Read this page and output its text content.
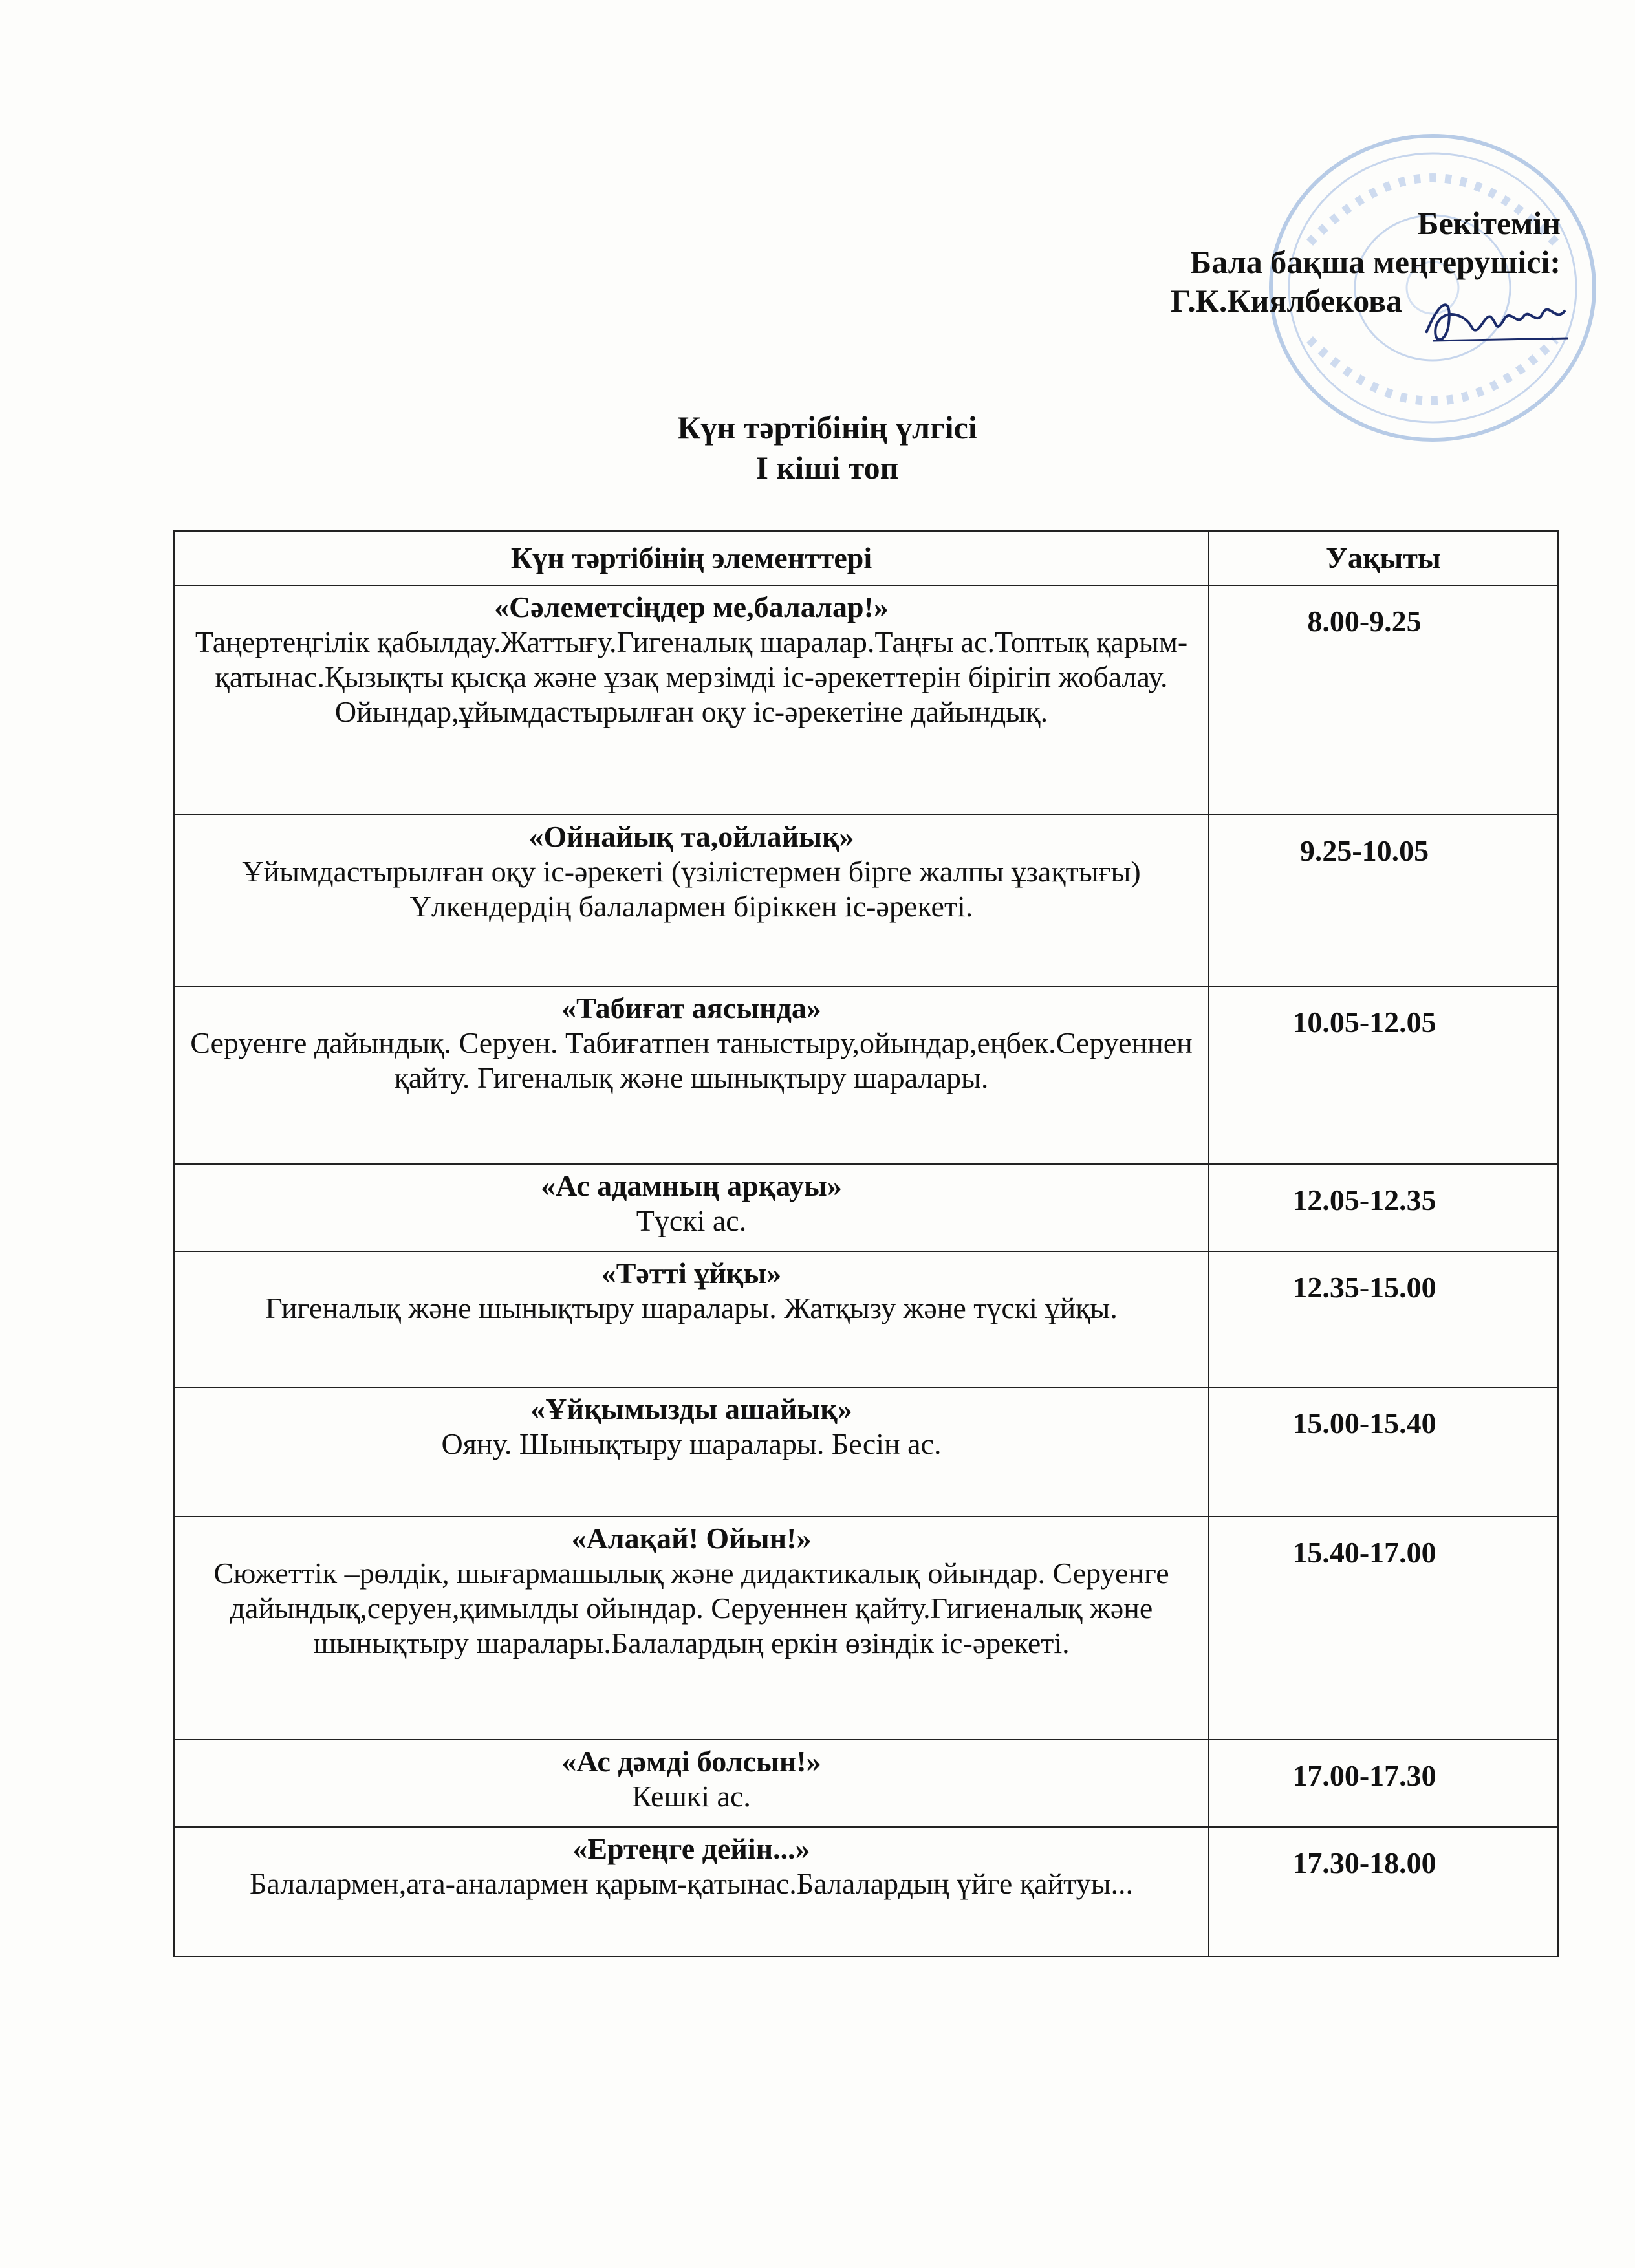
Бекітемін
Бала бақша меңгерушісі:
Г.К.Киялбекова
Күн тәртібінің үлгісі
І кіші топ
Күн тәртібінің элементтері	Уақыты

«Сәлеметсіңдер ме,балалар!»
Таңертеңгілік қабылдау.Жаттығу.Гигеналық шаралар.Таңғы ас.Топтық қарым-қатынас.Қызықты қысқа және ұзақ мерзімді іс-әрекеттерін бірігіп жобалау. Ойындар,ұйымдастырылған оқу іс-әрекетіне дайындық.	8.00-9.25

«Ойнайық та,ойлайық»
Ұйымдастырылған оқу іс-әрекеті (үзілістермен бірге жалпы ұзақтығы) Үлкендердің балалармен біріккен іс-әрекеті.	9.25-10.05

«Табиғат аясында»
Серуенге дайындық. Серуен. Табиғатпен таныстыру,ойындар,еңбек.Серуеннен қайту. Гигеналық және шынықтыру шаралары.	10.05-12.05

«Ас адамның арқауы»
Түскі ас.	12.05-12.35

«Тәтті ұйқы»
Гигеналық және шынықтыру шаралары. Жатқызу және түскі ұйқы.	12.35-15.00

«Ұйқымызды ашайық»
Ояну. Шынықтыру шаралары. Бесін ас.	15.00-15.40

«Алақай! Ойын!»
Сюжеттік –рөлдік, шығармашылық және дидактикалық ойындар. Серуенге дайындық,серуен,қимылды ойындар. Серуеннен қайту.Гигиеналық және шынықтыру шаралары.Балалардың еркін өзіндік іс-әрекеті.	15.40-17.00

«Ас дәмді болсын!»
Кешкі ас.	17.00-17.30

«Ертеңге дейін...»
Балалармен,ата-аналармен қарым-қатынас.Балалардың үйге қайтуы...	17.30-18.00
